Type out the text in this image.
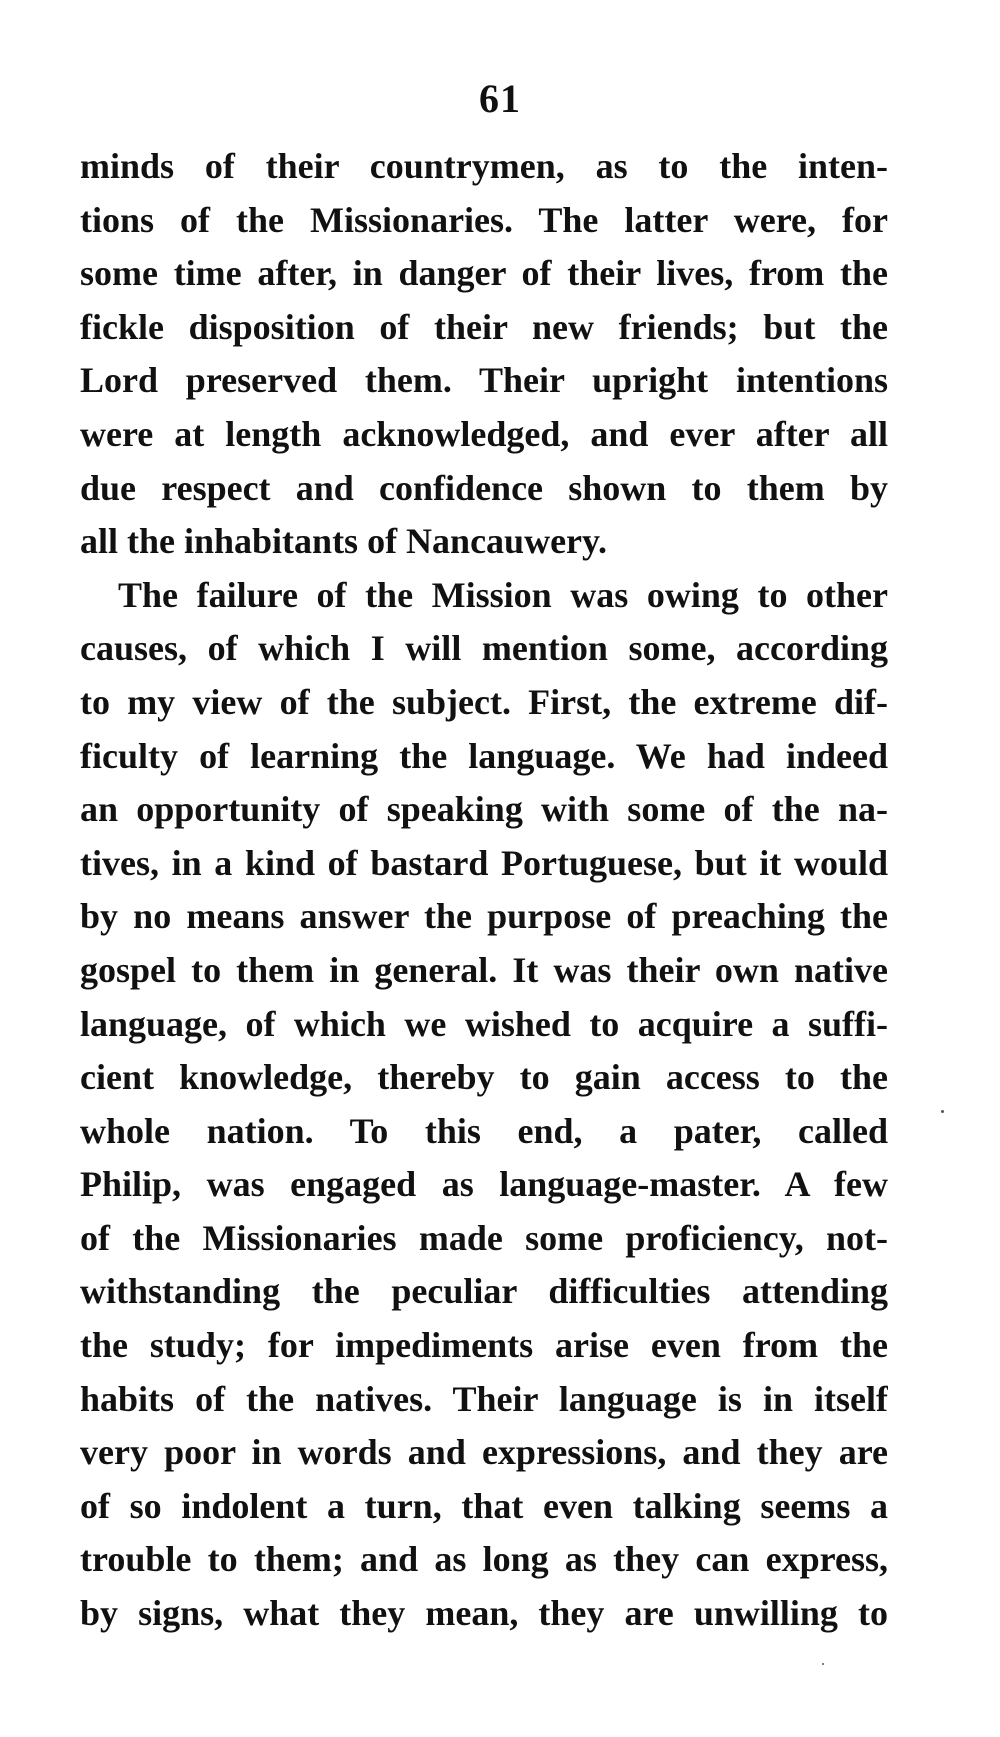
61
minds of their countrymen, as to the inten-
tions of the Missionaries. The latter were, for
some time after, in danger of their lives, from the
fickle disposition of their new friends; but the
Lord preserved them. Their upright intentions
were at length acknowledged, and ever after all
due respect and confidence shown to them by
all the inhabitants of Nancauwery.
The failure of the Mission was owing to other
causes, of which I will mention some, according
to my view of the subject. First, the extreme dif-
ficulty of learning the language. We had indeed
an opportunity of speaking with some of the na-
tives, in a kind of bastard Portuguese, but it would
by no means answer the purpose of preaching the
gospel to them in general. It was their own native
language, of which we wished to acquire a suffi-
cient knowledge, thereby to gain access to the
whole nation. To this end, a pater, called
Philip, was engaged as language-master. A few
of the Missionaries made some proficiency, not-
withstanding the peculiar difficulties attending
the study; for impediments arise even from the
habits of the natives. Their language is in itself
very poor in words and expressions, and they are
of so indolent a turn, that even talking seems a
trouble to them; and as long as they can express,
by signs, what they mean, they are unwilling to
